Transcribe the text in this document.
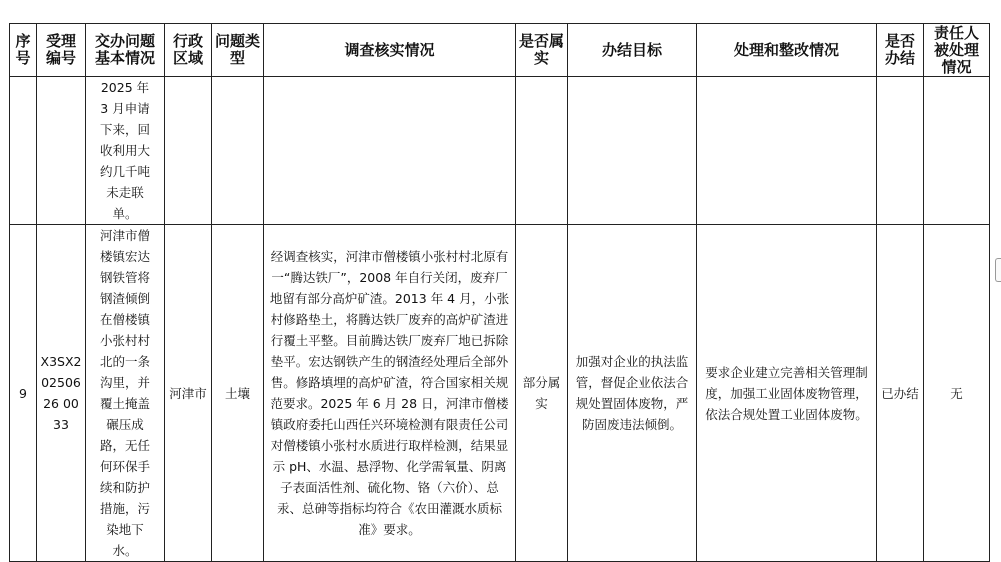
序号	受理编号	交办问题基本情况	行政区域	问题类型	调查核实情况	是否属实	办结目标	处理和整改情况	是否办结	责任人被处理情况

		2025 年 3 月申请下来，回收利用大约几千吨未走联单。								

9	X3SX20250626 0033	河津市僧楼镇宏达钢铁管将钢渣倾倒在僧楼镇小张村村北的一条沟里，并覆土掩盖碾压成路，无任何环保手续和防护措施，污染地下水。	河津市	土壤	经调查核实，河津市僧楼镇小张村村北原有一“腾达铁厂”，2008 年自行关闭，废弃厂地留有部分高炉矿渣。2013 年 4 月，小张村修路垫土，将腾达铁厂废弃的高炉矿渣进行覆土平整。目前腾达铁厂废弃厂地已拆除垫平。宏达钢铁产生的钢渣经处理后全部外售。修路填埋的高炉矿渣，符合国家相关规范要求。2025 年 6 月 28 日，河津市僧楼镇政府委托山西任兴环境检测有限责任公司对僧楼镇小张村水质进行取样检测，结果显示 pH、水温、悬浮物、化学需氧量、阴离子表面活性剂、硫化物、铬（六价）、总汞、总砷等指标均符合《农田灌溉水质标准》要求。	部分属实	加强对企业的执法监管，督促企业依法合规处置固体废物，严防固废违法倾倒。	要求企业建立完善相关管理制度，加强工业固体废物管理，依法合规处置工业固体废物。	已办结	无
